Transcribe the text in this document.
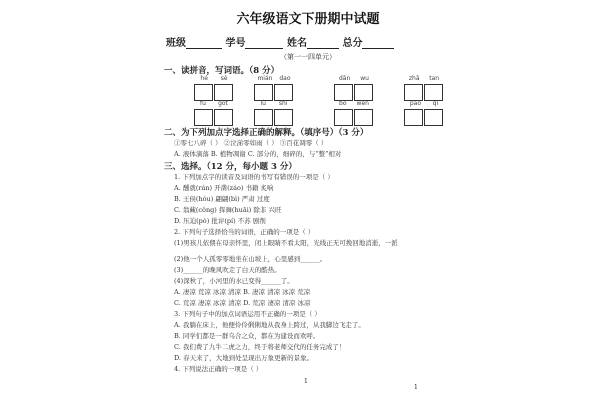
六年级语文下册期中试题
班级	学号	姓名	总分
（第一一四单元）
一、读拼音，写词语。（8 分）
hé sè	mián dao	dān wu	zhā tan
fú gōt	lǜ shì	bǒ wèn	pāo qì
二、为下列加点字选择正确的解释。（填序号）（3 分）
①零七八碎（ ） ②泣涕零如雨（ ） ③百花凋零（ ）
A. 液体滴落 B. 植物凋谢 C. 部分的，细碎的，与“整”相对
三、选择。（12 分，每小题 3 分）
1. 下列加点字的读音及词语的书写有错误的一项是（ ）
A. 醺就(rán) 开凿(záo) 书籍 炙响
B. 王侯(hóu) 翩翩(bì) 严肃 过度
C. 翁藏(cǒng) 挥舞(huāi) 除非 兴旺
D. 压迫(pò) 批评(pí) 不苏 剧削
2. 下列句子选择恰当的词语，正确的一项是（ ）
(1)男孩儿依偎在母亲怀里，闭上眼睛不看太阳，光线正无可挽回地消逝，一派
(2)他一个人孤零零地坐在山坡上，心里感到______。
(3)______的晚风吹走了白天的酷热。
(4)深秋了，小河里的水已变得______了。
A. 凄凉 荒凉 冰凉 清凉 B. 凄凉 清凉 冰凉 荒凉
C. 荒凉 凄凉 冰凉 清凉 D. 荒凉 凄凉 清凉 冰凉
3. 下列句子中的加点词语运用不正确的一项是（ ）
A. 我躺在床上，他便伶伶俐俐地从我身上跨过，从我脚边飞走了。
B. 同学们都是一群乌合之众，都在为建设而欢呼。
C. 我们费了九牛二虎之力，终于将老师交代的任务完成了！
D. 春天来了，大地到处呈现出万象更新的景象。
4. 下列说法正确的一项是（ ）
1
1
